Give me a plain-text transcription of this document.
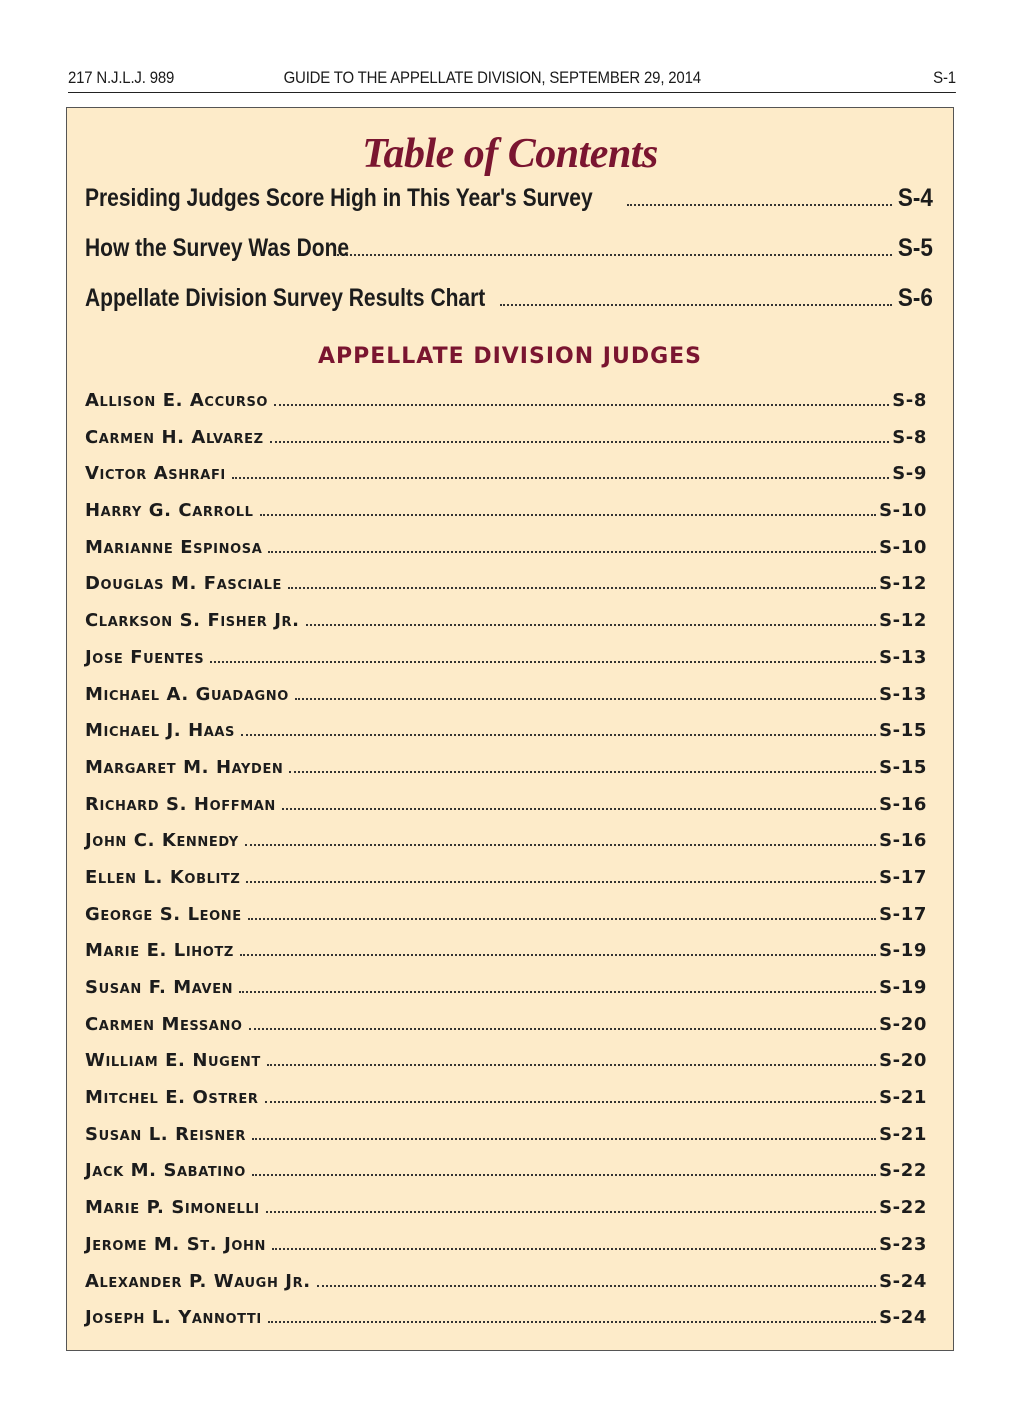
217 N.J.L.J. 989	GUIDE TO THE APPELLATE DIVISION, SEPTEMBER 29, 2014	S-1
Table of Contents
Presiding Judges Score High in This Year's Survey	S-4
How the Survey Was Done	S-5
Appellate Division Survey Results Chart	S-6
APPELLATE DIVISION JUDGES
Allison E. Accurso	S-8
Carmen H. Alvarez	S-8
Victor Ashrafi	S-9
Harry G. Carroll	S-10
Marianne Espinosa	S-10
Douglas M. Fasciale	S-12
Clarkson S. Fisher Jr.	S-12
Jose Fuentes	S-13
Michael A. Guadagno	S-13
Michael J. Haas	S-15
Margaret M. Hayden	S-15
Richard S. Hoffman	S-16
John C. Kennedy	S-16
Ellen L. Koblitz	S-17
George S. Leone	S-17
Marie E. Lihotz	S-19
Susan F. Maven	S-19
Carmen Messano	S-20
William E. Nugent	S-20
Mitchel E. Ostrer	S-21
Susan L. Reisner	S-21
Jack M. Sabatino	S-22
Marie P. Simonelli	S-22
Jerome M. St. John	S-23
Alexander P. Waugh Jr.	S-24
Joseph L. Yannotti	S-24
